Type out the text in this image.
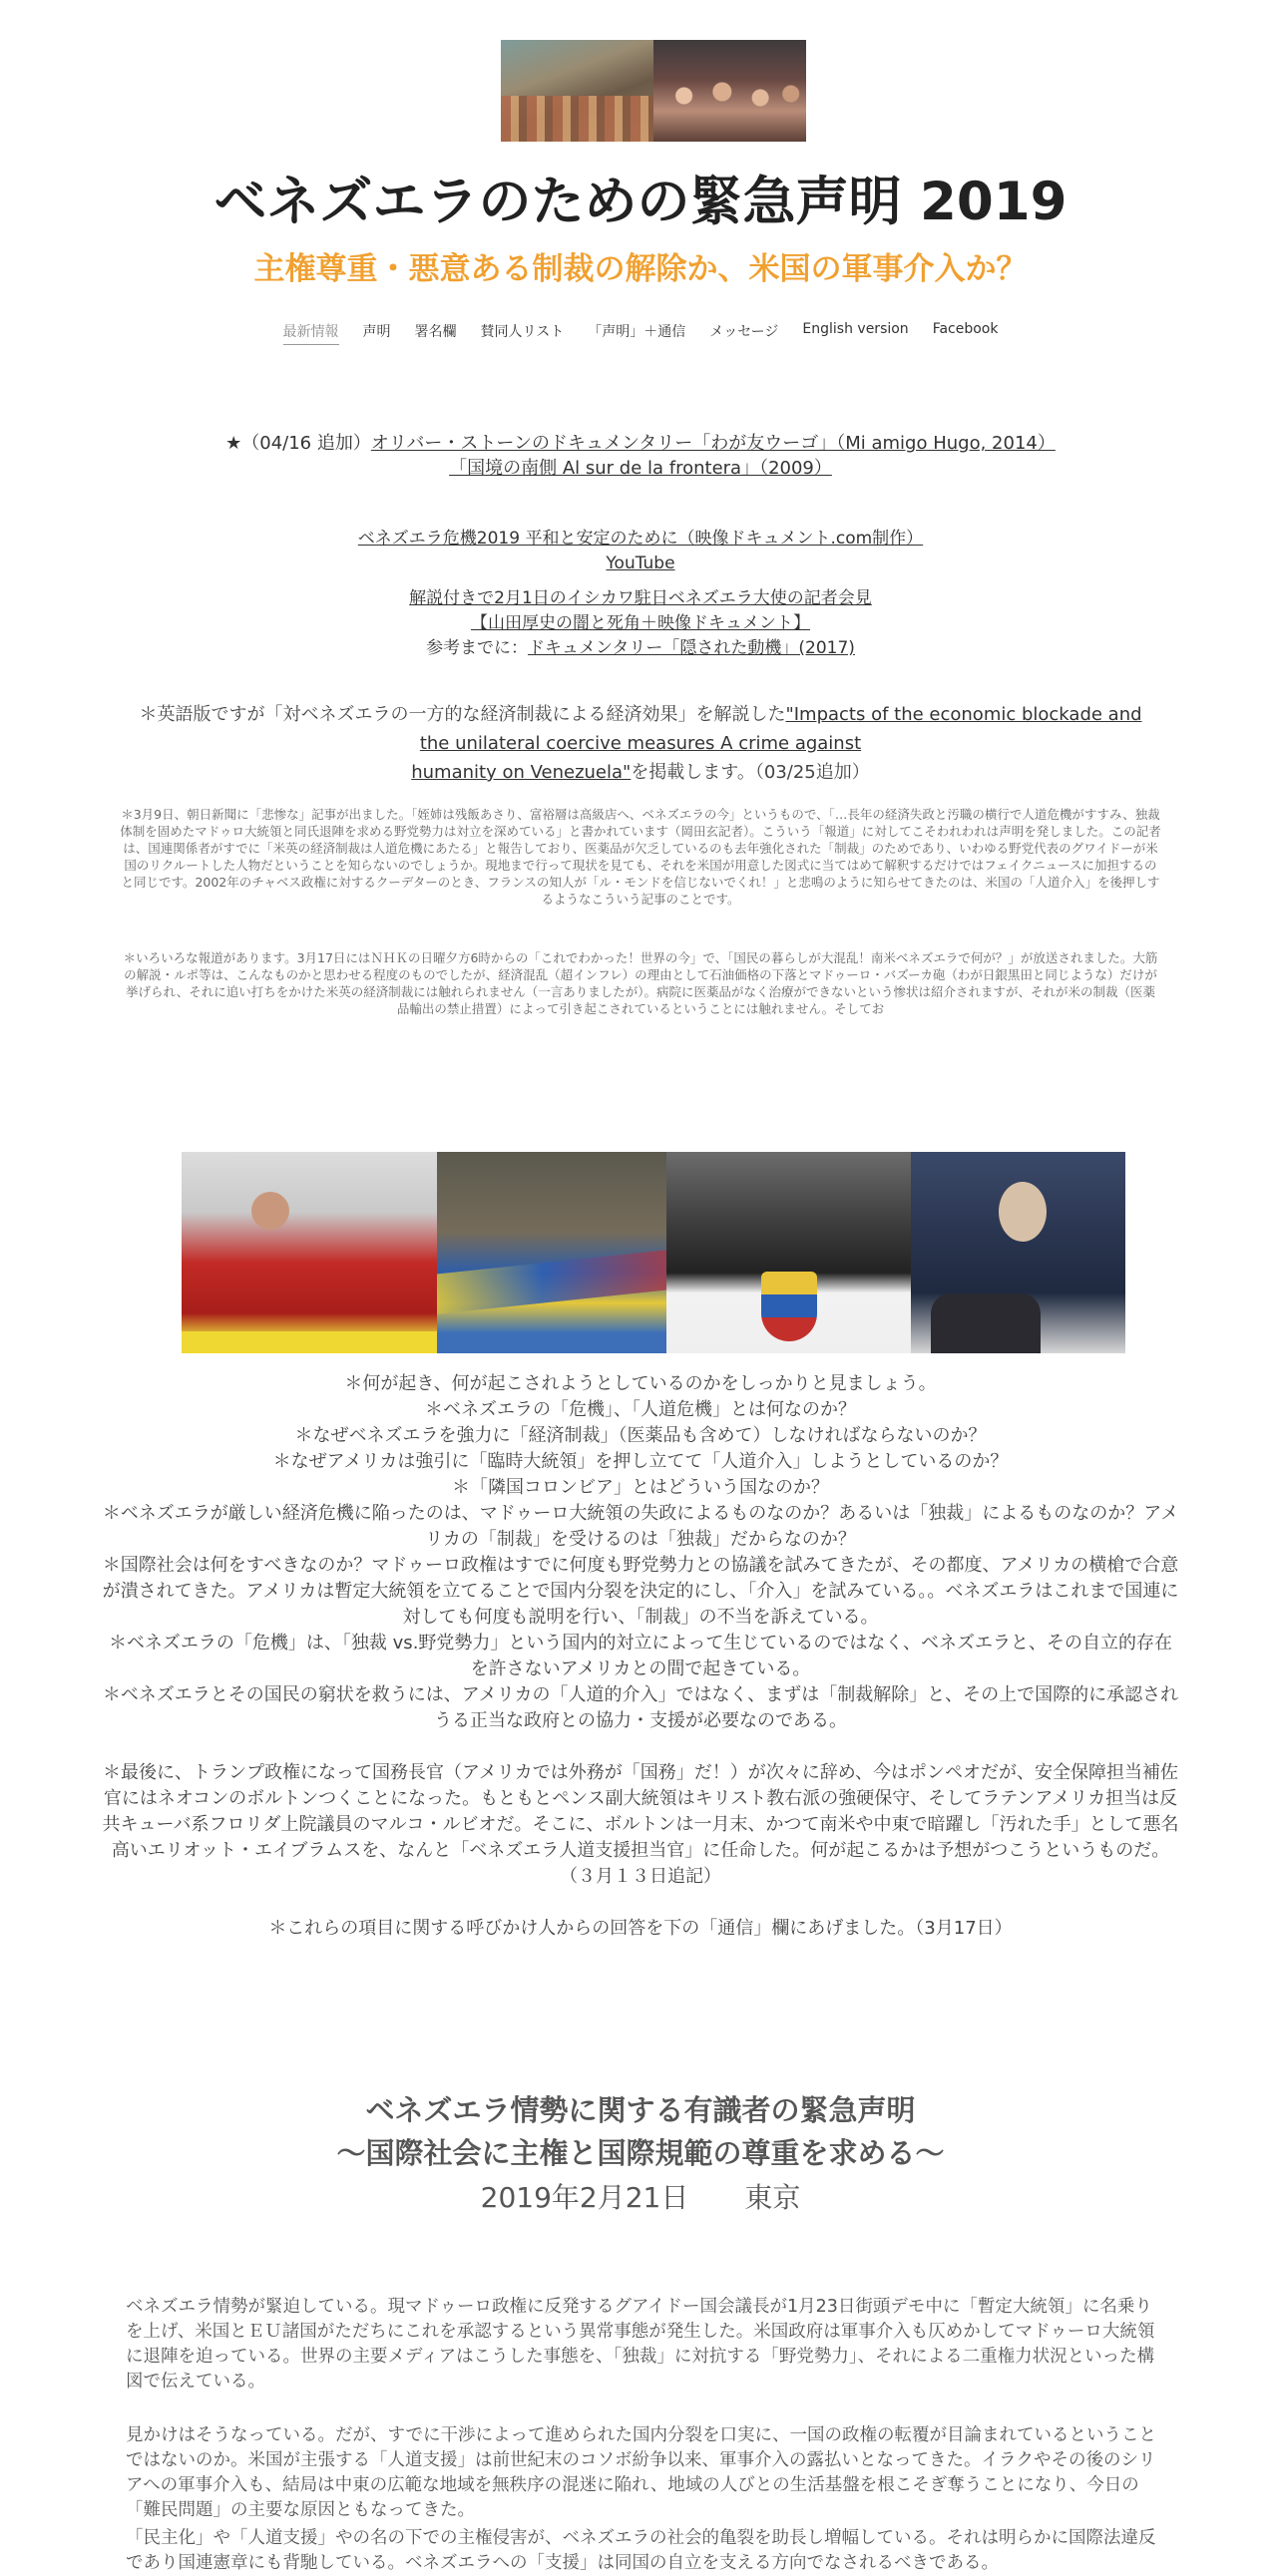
ベネズエラのための緊急声明 2019
主権尊重・悪意ある制裁の解除か、米国の軍事介入か？
最新情報 声明 署名欄 賛同人リスト 「声明」＋通信 メッセージ English version Facebook
★（04/16 追加）オリバー・ストーンのドキュメンタリー「わが友ウーゴ」（Mi amigo Hugo, 2014）
「国境の南側 Al sur de la frontera」（2009）
ベネズエラ危機2019 平和と安定のために（映像ドキュメント.com制作）
YouTube
解説付きで2月1日のイシカワ駐日ベネズエラ大使の記者会見
【山田厚史の闇と死角＋映像ドキュメント】
参考までに：ドキュメンタリー「隠された動機」(2017)
＊英語版ですが「対ベネズエラの一方的な経済制裁による経済効果」を解説した"Impacts of the economic blockade and
the unilateral coercive measures A crime against
humanity on Venezuela"を掲載します。（03/25追加）
＊3月9日、朝日新聞に「悲惨な」記事が出ました。「姪姉は残飯あさり、富裕層は高級店へ、ベネズエラの今」というもので、「…長年の経済失政と汚職の横行で人道危機がすすみ、独裁体制を固めたマドゥロ大統領と同氏退陣を求める野党勢力は対立を深めている」と書かれています（岡田玄記者）。こういう「報道」に対してこそわれわれは声明を発しました。この記者は、国連関係者がすでに「米英の経済制裁は人道危機にあたる」と報告しており、医薬品が欠乏しているのも去年強化された「制裁」のためであり、いわゆる野党代表のグワイドーが米国のリクルートした人物だということを知らないのでしょうか。現地まで行って現状を見ても、それを米国が用意した図式に当てはめて解釈するだけではフェイクニュースに加担するのと同じです。2002年のチャベス政権に対するクーデターのとき、フランスの知人が「ル・モンドを信じないでくれ！」と悲鳴のように知らせてきたのは、米国の「人道介入」を後押しするようなこういう記事のことです。
＊いろいろな報道があります。3月17日にはＮＨＫの日曜夕方6時からの「これでわかった！世界の今」で、「国民の暮らしが大混乱！南米ベネズエラで何が？」が放送されました。大筋の解説・ルポ等は、こんなものかと思わせる程度のものでしたが、経済混乱（超インフレ）の理由として石油価格の下落とマドゥーロ・バズーカ砲（わが日銀黒田と同じような）だけが挙げられ、それに追い打ちをかけた米英の経済制裁には触れられません（一言ありましたが）。病院に医薬品がなく治療ができないという惨状は紹介されますが、それが米の制裁（医薬品輸出の禁止措置）によって引き起こされているということには触れません。そしてお

＊何が起き、何が起こされようとしているのかをしっかりと見ましょう。

＊ベネズエラの「危機」、「人道危機」とは何なのか？

＊なぜベネズエラを強力に「経済制裁」（医薬品も含めて）しなければならないのか？

＊なぜアメリカは強引に「臨時大統領」を押し立てて「人道介入」しようとしているのか？

＊「隣国コロンビア」とはどういう国なのか？

＊ベネズエラが厳しい経済危機に陥ったのは、マドゥーロ大統領の失政によるものなのか？あるいは「独裁」によるものなのか？アメリカの「制裁」を受けるのは「独裁」だからなのか？

＊国際社会は何をすべきなのか？マドゥーロ政権はすでに何度も野党勢力との協議を試みてきたが、その都度、アメリカの横槍で合意が潰されてきた。アメリカは暫定大統領を立てることで国内分裂を決定的にし、「介入」を試みている。。ベネズエラはこれまで国連に対しても何度も説明を行い、「制裁」の不当を訴えている。

＊ベネズエラの「危機」は、「独裁 vs.野党勢力」という国内的対立によって生じているのではなく、ベネズエラと、その自立的存在を許さないアメリカとの間で起きている。

＊ベネズエラとその国民の窮状を救うには、アメリカの「人道的介入」ではなく、まずは「制裁解除」と、その上で国際的に承認されうる正当な政府との協力・支援が必要なのである。

＊最後に、トランプ政権になって国務長官（アメリカでは外務が「国務」だ！）が次々に辞め、今はポンペオだが、安全保障担当補佐官にはネオコンのボルトンつくことになった。もともとペンス副大統領はキリスト教右派の強硬保守、そしてラテンアメリカ担当は反共キューバ系フロリダ上院議員のマルコ・ルビオだ。そこに、ボルトンは一月末、かつて南米や中東で暗躍し「汚れた手」として悪名高いエリオット・エイブラムスを、なんと「ベネズエラ人道支援担当官」に任命した。何が起こるかは予想がつこうというものだ。

（３月１３日追記）

＊これらの項目に関する呼びかけ人からの回答を下の「通信」欄にあげました。（3月17日）

ベネズエラ情勢に関する有識者の緊急声明
～国際社会に主権と国際規範の尊重を求める～
2019年2月21日　　東京
ベネズエラ情勢が緊迫している。現マドゥーロ政権に反発するグアイドー国会議長が1月23日街頭デモ中に「暫定大統領」に名乗りを上げ、米国とＥＵ諸国がただちにこれを承認するという異常事態が発生した。米国政府は軍事介入も仄めかしてマドゥーロ大統領に退陣を迫っている。世界の主要メディアはこうした事態を、「独裁」に対抗する「野党勢力」、それによる二重権力状況といった構図で伝えている。
見かけはそうなっている。だが、すでに干渉によって進められた国内分裂を口実に、一国の政権の転覆が目論まれているということではないのか。米国が主張する「人道支援」は前世紀末のコソボ紛争以来、軍事介入の露払いとなってきた。イラクやその後のシリアへの軍事介入も、結局は中東の広範な地域を無秩序の混迷に陥れ、地域の人びとの生活基盤を根こそぎ奪うことになり、今日の「難民問題」の主要な原因ともなってきた。
「民主化」や「人道支援」やの名の下での主権侵害が、ベネズエラの社会的亀裂を助長し増幅している。それは明らかに国際法違反であり国連憲章にも背馳している。ベネズエラへの「支援」は同国の自立を支える方向でなされるべきである。
